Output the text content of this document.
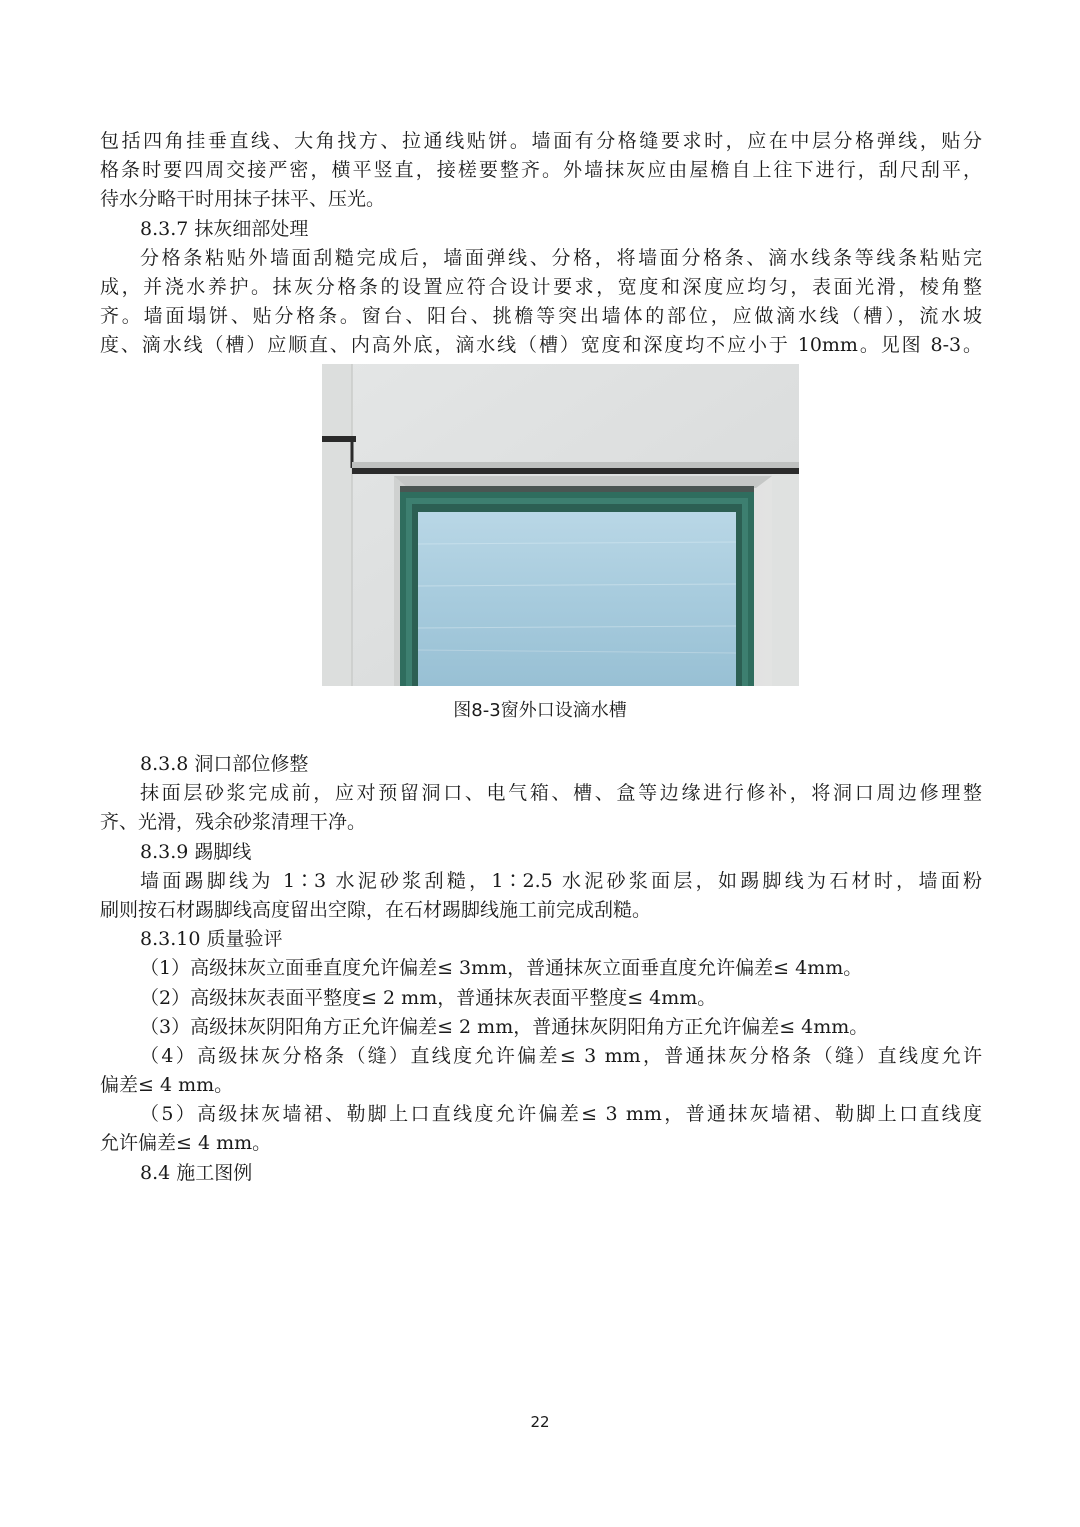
包括四角挂垂直线、大角找方、拉通线贴饼。墙面有分格缝要求时，应在中层分格弹线，贴分
格条时要四周交接严密，横平竖直，接槎要整齐。外墙抹灰应由屋檐自上往下进行，刮尺刮平，
待水分略干时用抹子抹平、压光。
8.3.7 抹灰细部处理
分格条粘贴外墙面刮糙完成后，墙面弹线、分格，将墙面分格条、滴水线条等线条粘贴完
成，并浇水养护。抹灰分格条的设置应符合设计要求，宽度和深度应均匀，表面光滑，棱角整
齐。墙面塌饼、贴分格条。窗台、阳台、挑檐等突出墙体的部位，应做滴水线（槽），流水坡
度、滴水线（槽）应顺直、内高外底，滴水线（槽）宽度和深度均不应小于 10mm。见图 8-3。
图8-3窗外口设滴水槽
8.3.8 洞口部位修整
抹面层砂浆完成前，应对预留洞口、电气箱、槽、盒等边缘进行修补，将洞口周边修理整
齐、光滑，残余砂浆清理干净。
8.3.9 踢脚线
墙面踢脚线为 1∶3 水泥砂浆刮糙，1∶2.5 水泥砂浆面层，如踢脚线为石材时，墙面粉
刷则按石材踢脚线高度留出空隙，在石材踢脚线施工前完成刮糙。
8.3.10 质量验评
（1）高级抹灰立面垂直度允许偏差≤ 3mm，普通抹灰立面垂直度允许偏差≤ 4mm。
（2）高级抹灰表面平整度≤ 2 mm，普通抹灰表面平整度≤ 4mm。
（3）高级抹灰阴阳角方正允许偏差≤ 2 mm，普通抹灰阴阳角方正允许偏差≤ 4mm。
（4）高级抹灰分格条（缝）直线度允许偏差≤ 3 mm，普通抹灰分格条（缝）直线度允许
偏差≤ 4 mm。
（5）高级抹灰墙裙、勒脚上口直线度允许偏差≤ 3 mm，普通抹灰墙裙、勒脚上口直线度
允许偏差≤ 4 mm。
8.4 施工图例
22
